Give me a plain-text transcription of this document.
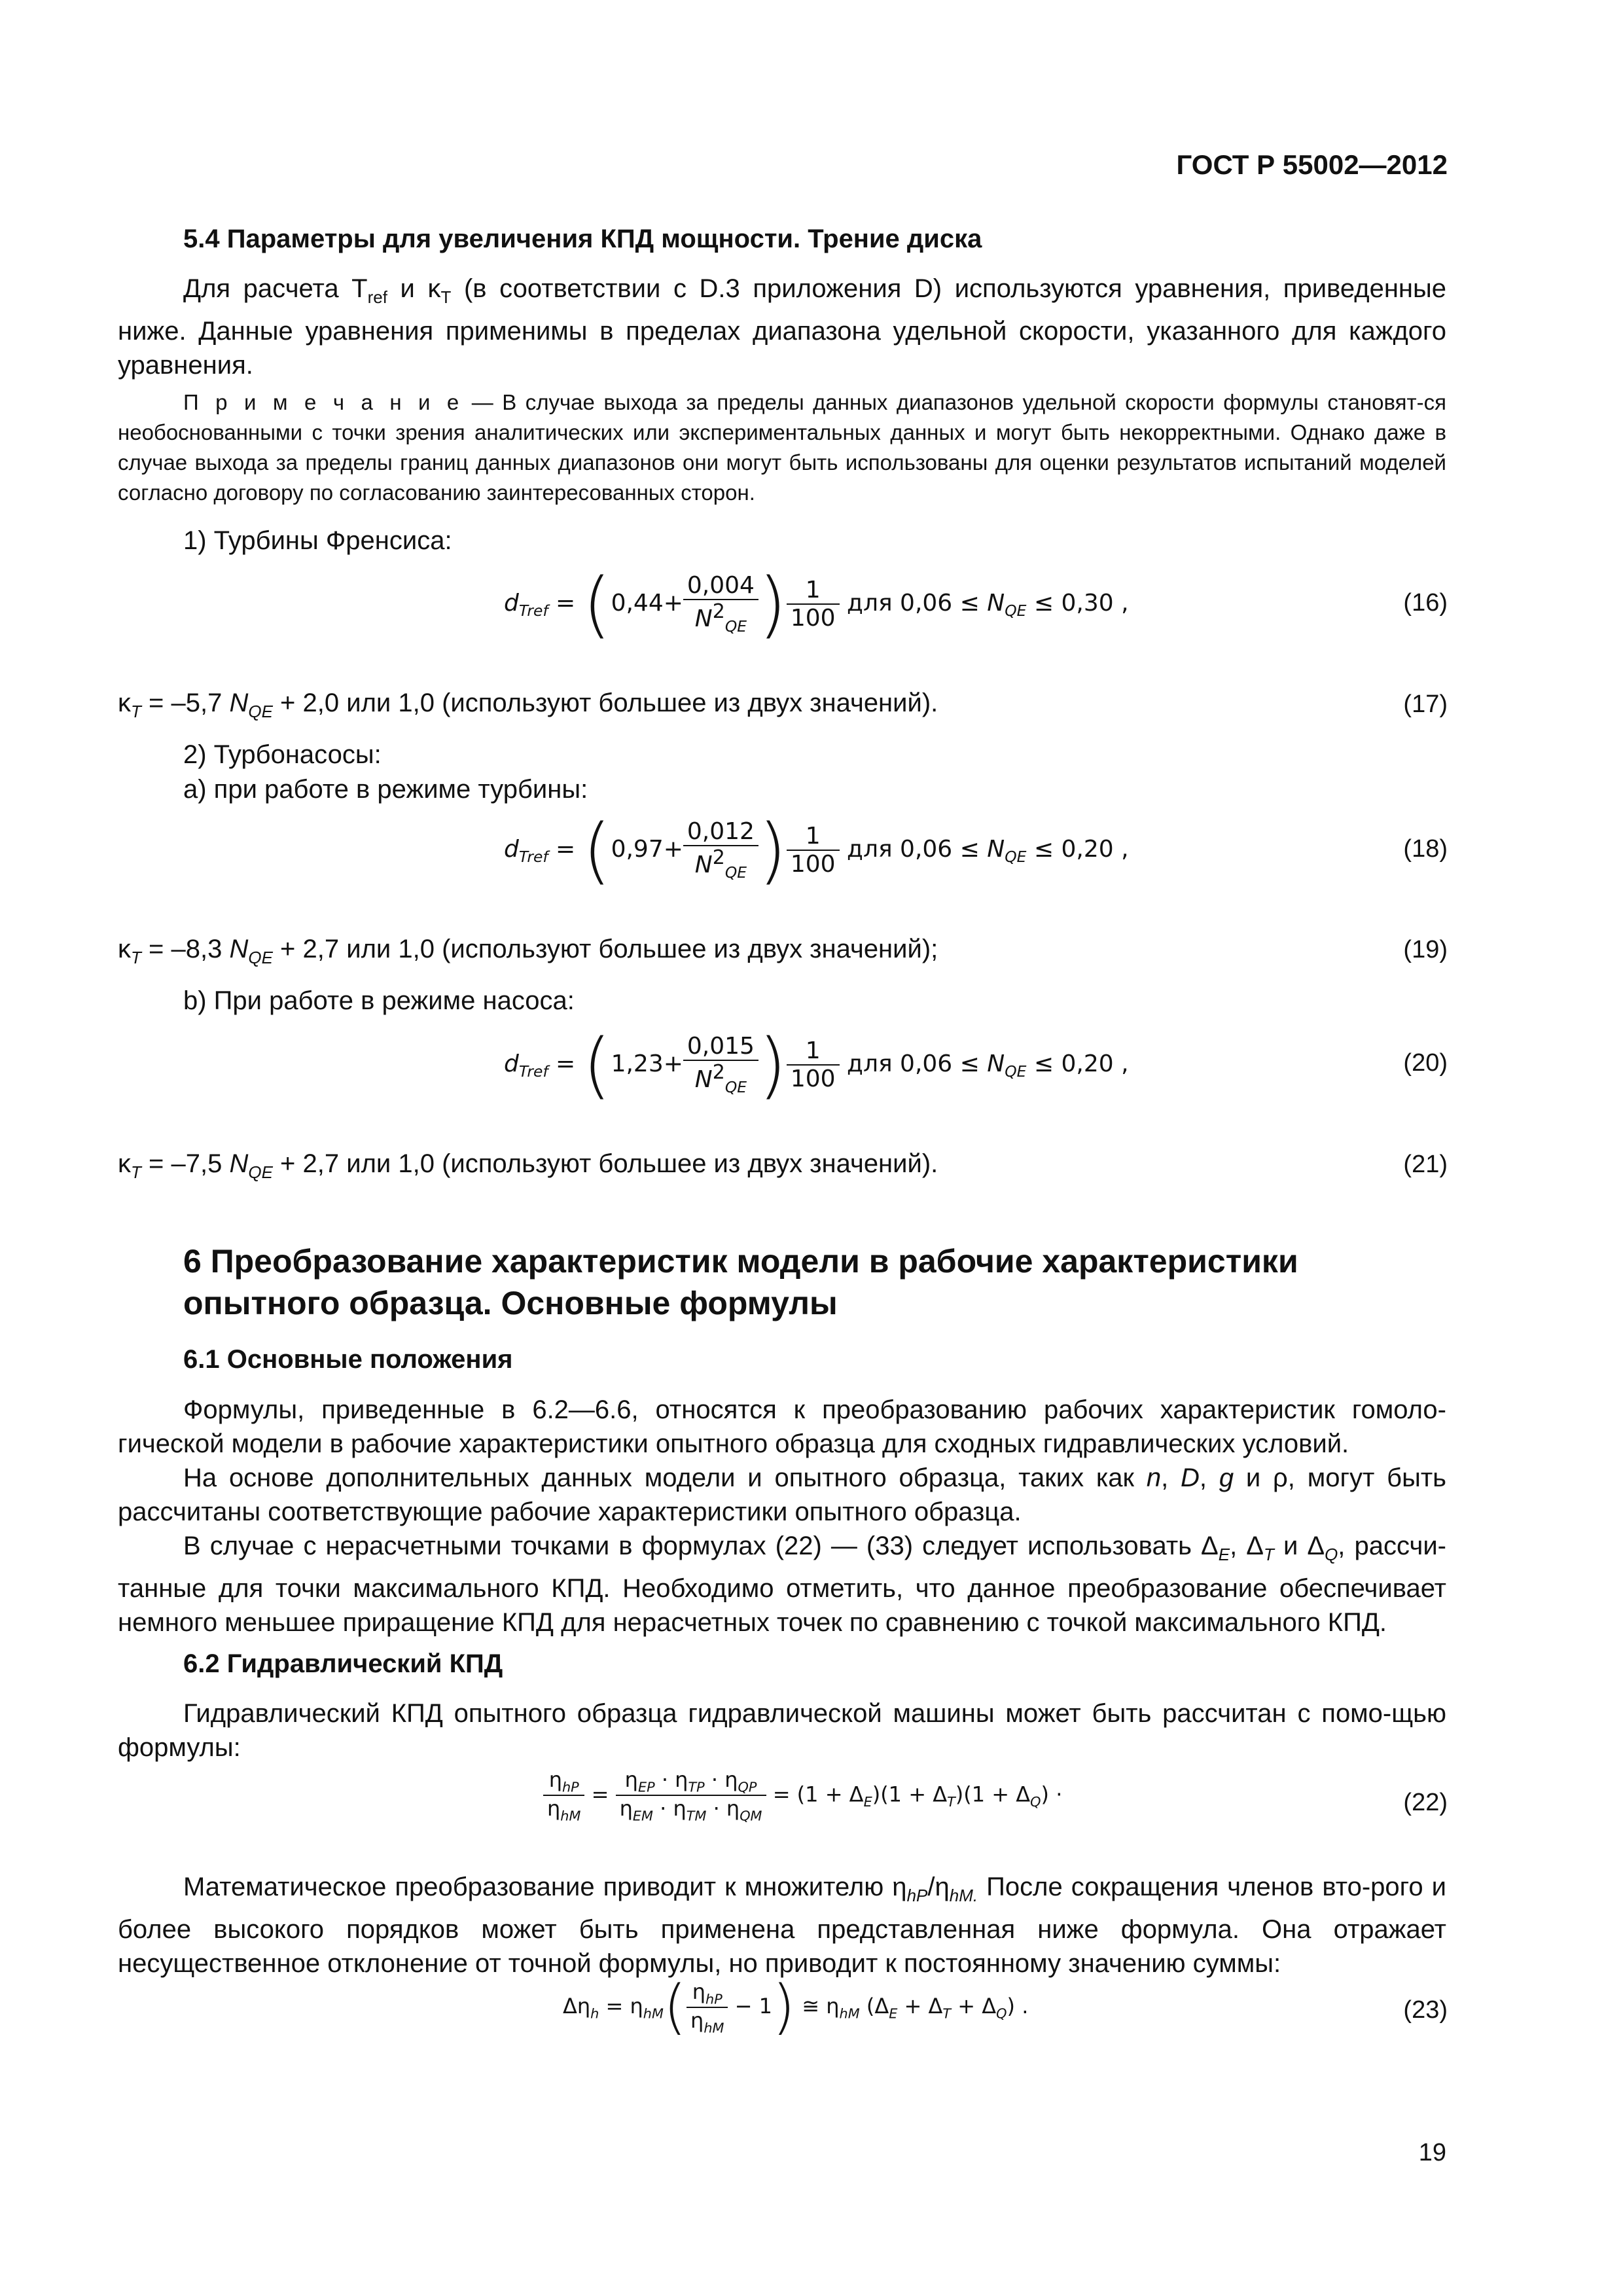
ГОСТ Р 55002—2012
5.4 Параметры для увеличения КПД мощности. Трение диска
Для расчета $T_{ref}$ и $\kappa_T$ (в соответствии с D.3 приложения D) используются уравнения, приведенные ниже. Данные уравнения применимы в пределах диапазона удельной скорости, указанного для каждого уравнения.
П р и м е ч а н и е — В случае выхода за пределы данных диапазонов удельной скорости формулы становят-ся необоснованными с точки зрения аналитических или экспериментальных данных и могут быть некорректными. Однако даже в случае выхода за пределы границ данных диапазонов они могут быть использованы для оценки результатов испытаний моделей согласно договору по согласованию заинтересованных сторон.
1) Турбины Френсиса:
$d_{Tref} = (0,44+ \frac{0,004}{N^2_{QE}}$ ) $\frac{1}{100}$ для $0,06 \le N_{QE} \le 0,30$ ,	(16)
$\kappa_T = -5,7$ $N_{QE} + 2,0$ или 1,0 (используют большее из двух значений).	(17)
2) Турбонасосы:
а) при работе в режиме турбины:
$d_{Tref} = (0,97+ \frac{0,012}{N^2_{QE}}$ ) $\frac{1}{100}$ для $0,06 \le N_{QE} \le 0,20$ ,	(18)
$\kappa_T = -8,3$ $N_{QE} + 2,7$ или 1,0 (используют большее из двух значений);	(19)
b) При работе в режиме насоса:
$d_{Tref} = (1,23+ \frac{0,015}{N^2_{QE}}$ ) $\frac{1}{100}$ для $0,06 \le N_{QE} \le 0,20$ ,	(20)
$\kappa_T = -7,5$ $N_{QE} + 2,7$ или 1,0 (используют большее из двух значений).	(21)
6 Преобразование характеристик модели в рабочие характеристики
опытного образца. Основные формулы
6.1 Основные положения
Формулы, приведенные в 6.2—6.6, относятся к преобразованию рабочих характеристик гомоло-гической модели в рабочие характеристики опытного образца для сходных гидравлических условий.
На основе дополнительных данных модели и опытного образца, таких как n, D, g и ρ, могут быть рассчитаны соответствующие рабочие характеристики опытного образца.
В случае с нерасчетными точками в формулах (22) — (33) следует использовать $\Delta_E$, $\Delta_T$ и $\Delta_Q$, рассчи-танные для точки максимального КПД. Необходимо отметить, что данное преобразование обеспечивает немного меньшее приращение КПД для нерасчетных точек по сравнению с точкой максимального КПД.
6.2 Гидравлический КПД
Гидравлический КПД опытного образца гидравлической машины может быть рассчитан с помо-щью формулы:
$\frac{\eta_{hP}}{\eta_{hM}} = \frac{\eta_{EP} \cdot \eta_{TP} \cdot \eta_{QP}}{\eta_{EM} \cdot \eta_{TM} \cdot \eta_{QM}} = (1 + \Delta_E)(1 + \Delta_T)(1 + \Delta_Q)$ ·	(22)
Математическое преобразование приводит к множителю $\eta_{hP}/\eta_{hM.}$ После сокращения членов вто-рого и более высокого порядков может быть применена представленная ниже формула. Она отражает несущественное отклонение от точной формулы, но приводит к постоянному значению суммы:
$\Delta\eta_h = \eta_{hM}( \frac{\eta_{hP}}{\eta_{hM}} - 1)$ ≅ $\eta_{hM}$ $(\Delta_E + \Delta_T + \Delta_Q)$ .	(23)
19
